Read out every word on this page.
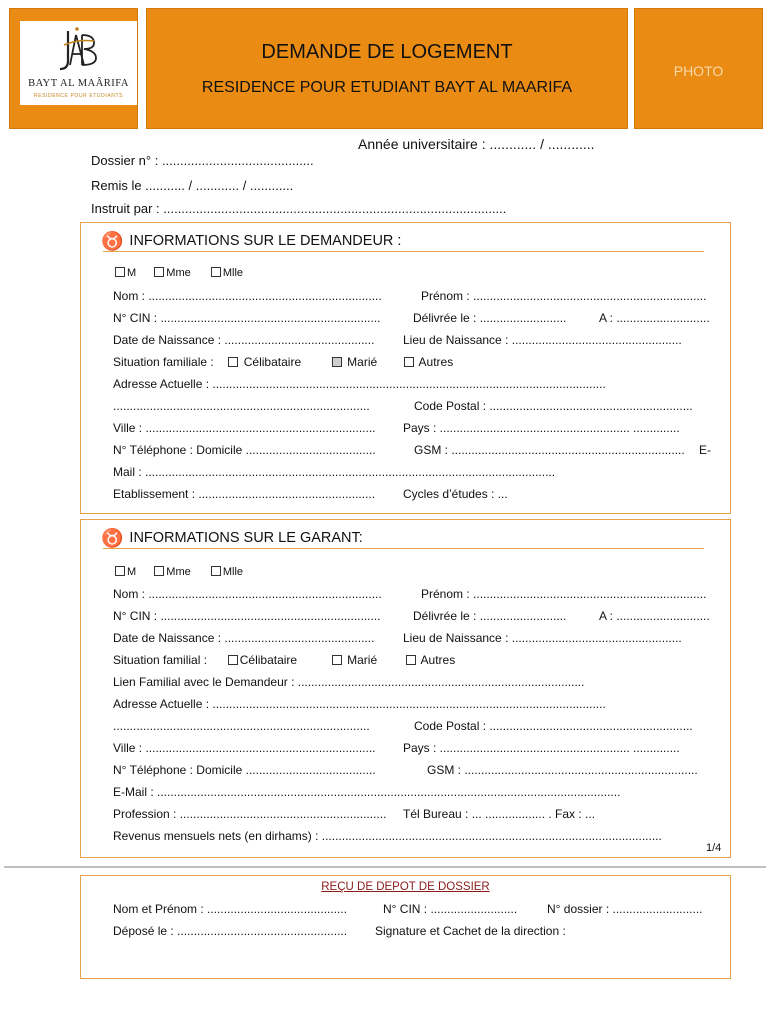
BAYT AL MAÂRIFA
RESIDENCE POUR ETUDIANTS
DEMANDE DE LOGEMENT
RESIDENCE POUR ETUDIANT BAYT AL MAARIFA
PHOTO
Année universitaire : ............ / ............
Dossier n° : ..........................................
Remis le ........... / ............ / ............
Instruit par : ...............................................................................................
♉ INFORMATIONS SUR LE DEMANDEUR :
M	Mme	Mlle
Nom : ......................................................................	Prénom : ......................................................................
N° CIN : ..................................................................	Délivrée le : ..........................	A : ............................
Date de Naissance : ............................................. Lieu de Naissance : ...................................................
Situation familiale :	Célibataire	Marié	Autres
Adresse Actuelle : ......................................................................................................................
.............................................................................	Code Postal : .............................................................
Ville : ..................................................................... Pays : ......................................................... ..............
N° Téléphone : Domicile .......................................	GSM : ...................................................................... E-
Mail : ...........................................................................................................................
Etablissement : ..................................................... Cycles d’études : ...
♉ INFORMATIONS SUR LE GARANT:
M	Mme	Mlle
Nom : ......................................................................	Prénom : ......................................................................
N° CIN : ..................................................................	Délivrée le : ..........................	A : ............................
Date de Naissance : ............................................. Lieu de Naissance : ...................................................
Situation familial :	Célibataire	Marié	Autres
Lien Familial avec le Demandeur : ......................................................................................
Adresse Actuelle : ......................................................................................................................
.............................................................................	Code Postal : .............................................................
Ville : ..................................................................... Pays : ......................................................... ..............
N° Téléphone : Domicile .......................................	GSM : ......................................................................
E-Mail : ...........................................................................................................................................
Profession : .............................................................. Tél Bureau : ... .................. . Fax : ...
Revenus mensuels nets (en dirhams) : ......................................................................................................
1/4
REÇU DE DEPOT DE DOSSIER
Nom et Prénom : ..........................................	N° CIN : .......................... N° dossier : ...........................
Déposé le : ................................................... Signature et Cachet de la direction :
